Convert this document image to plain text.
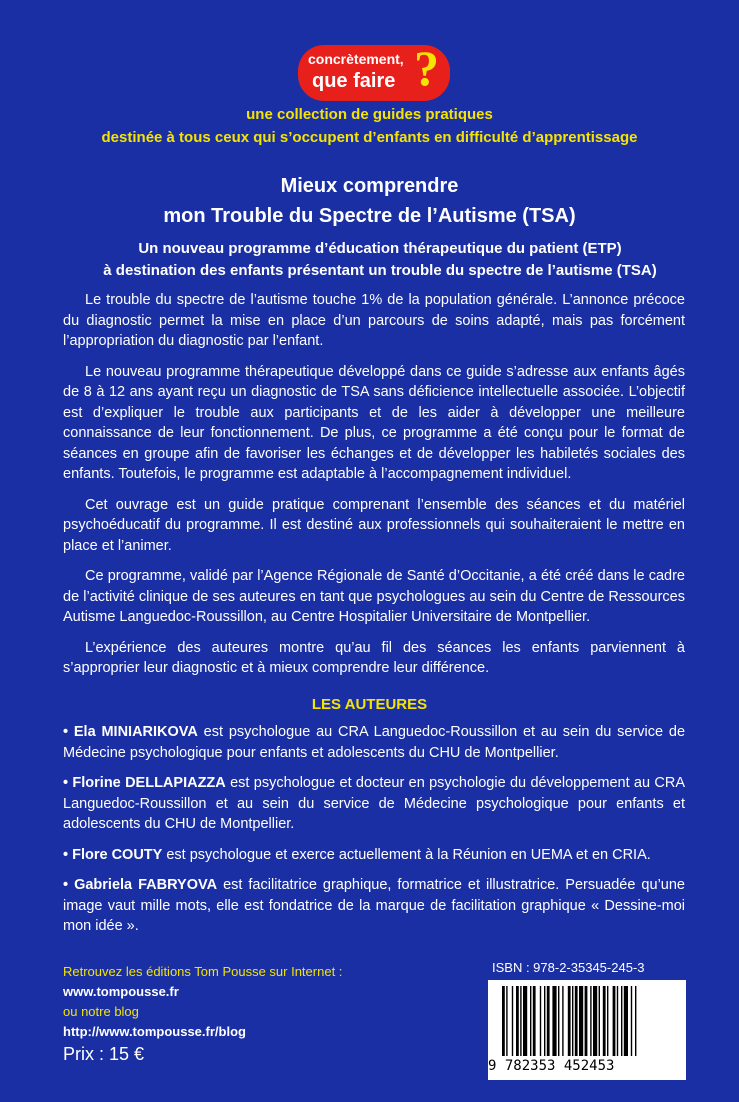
concrètement,
que faire ?
une collection de guides pratiques
destinée à tous ceux qui s’occupent d’enfants en difficulté d’apprentissage
Mieux comprendre
mon Trouble du Spectre de l’Autisme (TSA)
Un nouveau programme d’éducation thérapeutique du patient (ETP)
à destination des enfants présentant un trouble du spectre de l’autisme (TSA)

Le trouble du spectre de l’autisme touche 1% de la population générale. L’annonce précoce du diagnostic permet la mise en place d’un parcours de soins adapté, mais pas forcément l’appropriation du diagnostic par l’enfant.

Le nouveau programme thérapeutique développé dans ce guide s’adresse aux enfants âgés de 8 à 12 ans ayant reçu un diagnostic de TSA sans déficience intellectuelle associée. L’objectif est d’expliquer le trouble aux participants et de les aider à développer une meilleure connaissance de leur fonctionnement. De plus, ce programme a été conçu pour le format de séances en groupe afin de favoriser les échanges et de développer les habiletés sociales des enfants. Toutefois, le programme est adaptable à l’accompagnement individuel.

Cet ouvrage est un guide pratique comprenant l’ensemble des séances et du matériel psychoéducatif du programme. Il est destiné aux professionnels qui souhaiteraient le mettre en place et l’animer.

Ce programme, validé par l’Agence Régionale de Santé d’Occitanie, a été créé dans le cadre de l’activité clinique de ses auteures en tant que psychologues au sein du Centre de Ressources Autisme Languedoc-Roussillon, au Centre Hospitalier Universitaire de Montpellier.

L’expérience des auteures montre qu’au fil des séances les enfants parviennent à s’approprier leur diagnostic et à mieux comprendre leur différence.

LES AUTEURES

• Ela MINIARIKOVA est psychologue au CRA Languedoc-Roussillon et au sein du service de Médecine psychologique pour enfants et adolescents du CHU de Montpellier.

• Florine DELLAPIAZZA est psychologue et docteur en psychologie du développement au CRA Languedoc-Roussillon et au sein du service de Médecine psychologique pour enfants et adolescents du CHU de Montpellier.

• Flore COUTY est psychologue et exerce actuellement à la Réunion en UEMA et en CRIA.

• Gabriela FABRYOVA est facilitatrice graphique, formatrice et illustratrice. Persuadée qu’une image vaut mille mots, elle est fondatrice de la marque de facilitation graphique « Dessine-moi mon idée ».

Retrouvez les éditions Tom Pousse sur Internet :
www.tompousse.fr
ou notre blog
http://www.tompousse.fr/blog
Prix : 15 €
ISBN : 978-2-35345-245-3
9 782353 452453
